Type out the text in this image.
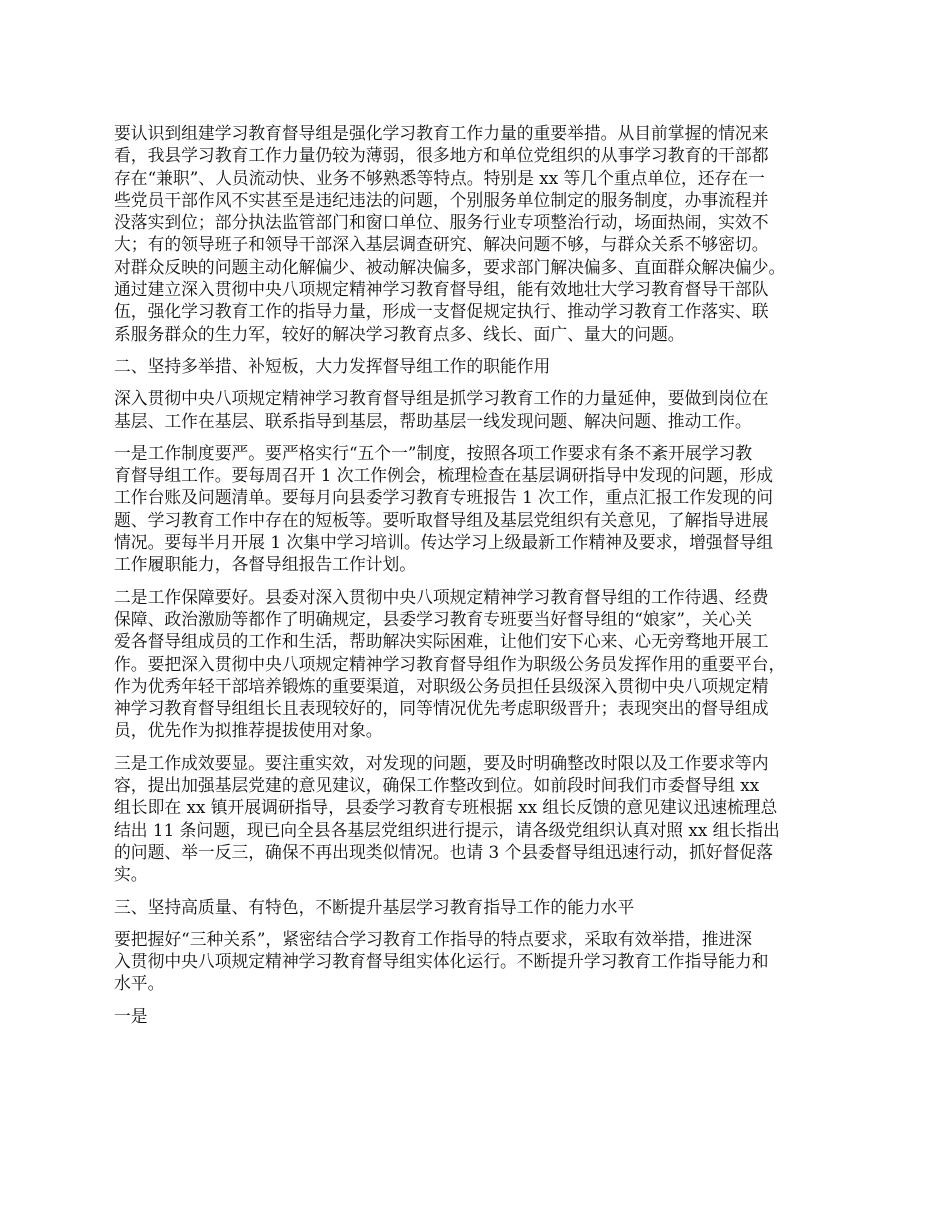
要认识到组建学习教育督导组是强化学习教育工作力量的重要举措。从目前掌握的情况来
看，我县学习教育工作力量仍较为薄弱，很多地方和单位党组织的从事学习教育的干部都
存在“兼职”、人员流动快、业务不够熟悉等特点。特别是 xx 等几个重点单位，还存在一
些党员干部作风不实甚至是违纪违法的问题，个别服务单位制定的服务制度，办事流程并
没落实到位；部分执法监管部门和窗口单位、服务行业专项整治行动，场面热闹，实效不
大；有的领导班子和领导干部深入基层调查研究、解决问题不够，与群众关系不够密切。
对群众反映的问题主动化解偏少、被动解决偏多，要求部门解决偏多、直面群众解决偏少。
通过建立深入贯彻中央八项规定精神学习教育督导组，能有效地壮大学习教育督导干部队
伍，强化学习教育工作的指导力量，形成一支督促规定执行、推动学习教育工作落实、联
系服务群众的生力军，较好的解决学习教育点多、线长、面广、量大的问题。

二、坚持多举措、补短板，大力发挥督导组工作的职能作用

深入贯彻中央八项规定精神学习教育督导组是抓学习教育工作的力量延伸，要做到岗位在
基层、工作在基层、联系指导到基层，帮助基层一线发现问题、解决问题、推动工作。

一是工作制度要严。要严格实行“五个一”制度，按照各项工作要求有条不紊开展学习教
育督导组工作。要每周召开 1 次工作例会，梳理检查在基层调研指导中发现的问题，形成
工作台账及问题清单。要每月向县委学习教育专班报告 1 次工作，重点汇报工作发现的问
题、学习教育工作中存在的短板等。要听取督导组及基层党组织有关意见，了解指导进展
情况。要每半月开展 1 次集中学习培训。传达学习上级最新工作精神及要求，增强督导组
工作履职能力，各督导组报告工作计划。

二是工作保障要好。县委对深入贯彻中央八项规定精神学习教育督导组的工作待遇、经费
保障、政治激励等都作了明确规定，县委学习教育专班要当好督导组的“娘家”，关心关
爱各督导组成员的工作和生活，帮助解决实际困难，让他们安下心来、心无旁骛地开展工
作。要把深入贯彻中央八项规定精神学习教育督导组作为职级公务员发挥作用的重要平台，
作为优秀年轻干部培养锻炼的重要渠道，对职级公务员担任县级深入贯彻中央八项规定精
神学习教育督导组组长且表现较好的，同等情况优先考虑职级晋升；表现突出的督导组成
员，优先作为拟推荐提拔使用对象。

三是工作成效要显。要注重实效，对发现的问题，要及时明确整改时限以及工作要求等内
容，提出加强基层党建的意见建议，确保工作整改到位。如前段时间我们市委督导组 xx
组长即在 xx 镇开展调研指导，县委学习教育专班根据 xx 组长反馈的意见建议迅速梳理总
结出 11 条问题，现已向全县各基层党组织进行提示，请各级党组织认真对照 xx 组长指出
的问题、举一反三，确保不再出现类似情况。也请 3 个县委督导组迅速行动，抓好督促落
实。

三、坚持高质量、有特色，不断提升基层学习教育指导工作的能力水平

要把握好“三种关系”，紧密结合学习教育工作指导的特点要求，采取有效举措，推进深
入贯彻中央八项规定精神学习教育督导组实体化运行。不断提升学习教育工作指导能力和
水平。

一是
